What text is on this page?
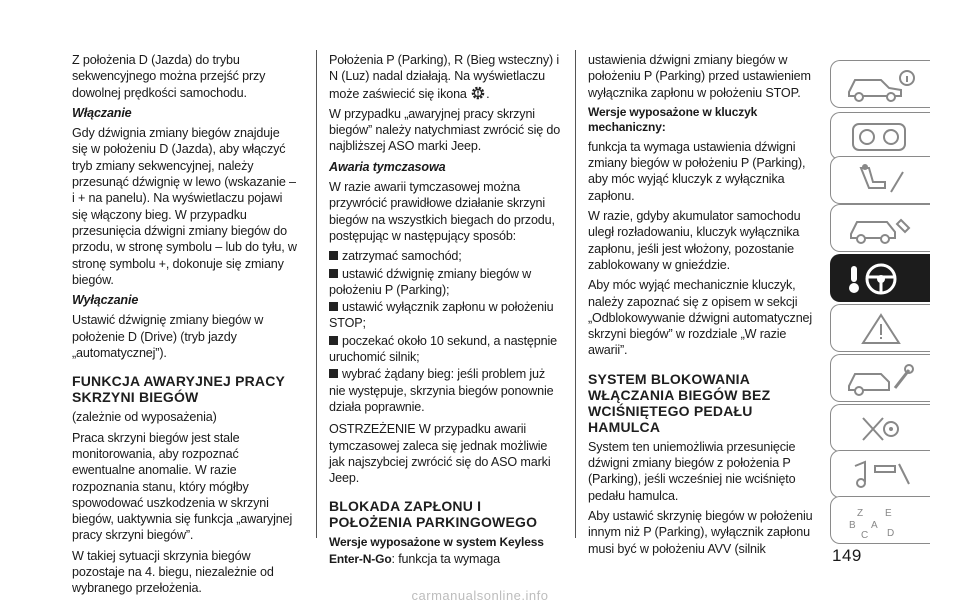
Z położenia D (Jazda) do trybu sekwencyjnego można przejść przy dowolnej prędkości samochodu.

Włączanie

Gdy dźwignia zmiany biegów znajduje się w położeniu D (Jazda), aby włączyć tryb zmiany sekwencyjnej, należy przesunąć dźwignię w lewo (wskazanie – i + na panelu). Na wyświetlaczu pojawi się włączony bieg. W przypadku przesunięcia dźwigni zmiany biegów do przodu, w stronę symbolu – lub do tyłu, w stronę symbolu +, dokonuje się zmiany biegów.

Wyłączanie

Ustawić dźwignię zmiany biegów w położenie D (Drive) (tryb jazdy „automatycznej”).

FUNKCJA AWARYJNEJ PRACY SKRZYNI BIEGÓW

(zależnie od wyposażenia)

Praca skrzyni biegów jest stale monitorowania, aby rozpoznać ewentualne anomalie. W razie rozpoznania stanu, który mógłby spowodować uszkodzenia w skrzyni biegów, uaktywnia się funkcja „awaryjnej pracy skrzyni biegów”.

W takiej sytuacji skrzynia biegów pozostaje na 4. biegu, niezależnie od wybranego przełożenia.

Położenia P (Parking), R (Bieg wsteczny) i N (Luz) nadal działają. Na wyświetlaczu może zaświecić się ikona .

W przypadku „awaryjnej pracy skrzyni biegów” należy natychmiast zwrócić się do najbliższej ASO marki Jeep.

Awaria tymczasowa

W razie awarii tymczasowej można przywrócić prawidłowe działanie skrzyni biegów na wszystkich biegach do przodu, postępując w następujący sposób:

zatrzymać samochód;
ustawić dźwignię zmiany biegów w położeniu P (Parking);
ustawić wyłącznik zapłonu w położeniu STOP;
poczekać około 10 sekund, a następnie uruchomić silnik;
wybrać żądany bieg: jeśli problem już nie występuje, skrzynia biegów ponownie działa poprawnie.

OSTRZEŻENIE W przypadku awarii tymczasowej zaleca się jednak możliwie jak najszybciej zwrócić się do ASO marki Jeep.

BLOKADA ZAPŁONU I POŁOŻENIA PARKINGOWEGO

Wersje wyposażone w system Keyless Enter-N-Go: funkcja ta wymaga

ustawienia dźwigni zmiany biegów w położeniu P (Parking) przed ustawieniem wyłącznika zapłonu w położeniu STOP.

Wersje wyposażone w kluczyk mechaniczny:

funkcja ta wymaga ustawienia dźwigni zmiany biegów w położeniu P (Parking), aby móc wyjąć kluczyk z wyłącznika zapłonu.

W razie, gdyby akumulator samochodu uległ rozładowaniu, kluczyk wyłącznika zapłonu, jeśli jest włożony, pozostanie zablokowany w gnieździe.

Aby móc wyjąć mechanicznie kluczyk, należy zapoznać się z opisem w sekcji „Odblokowywanie dźwigni automatycznej skrzyni biegów” w rozdziale „W razie awarii”.

SYSTEM BLOKOWANIA WŁĄCZANIA BIEGÓW BEZ WCIŚNIĘTEGO PEDAŁU HAMULCA

System ten uniemożliwia przesunięcie dźwigni zmiany biegów z położenia P (Parking), jeśli wcześniej nie wciśnięto pedału hamulca.

Aby ustawić skrzynię biegów w położeniu innym niż P (Parking), wyłącznik zapłonu musi być w położeniu AVV (silnik

Z E
B A
C D
149
carmanualsonline.info
